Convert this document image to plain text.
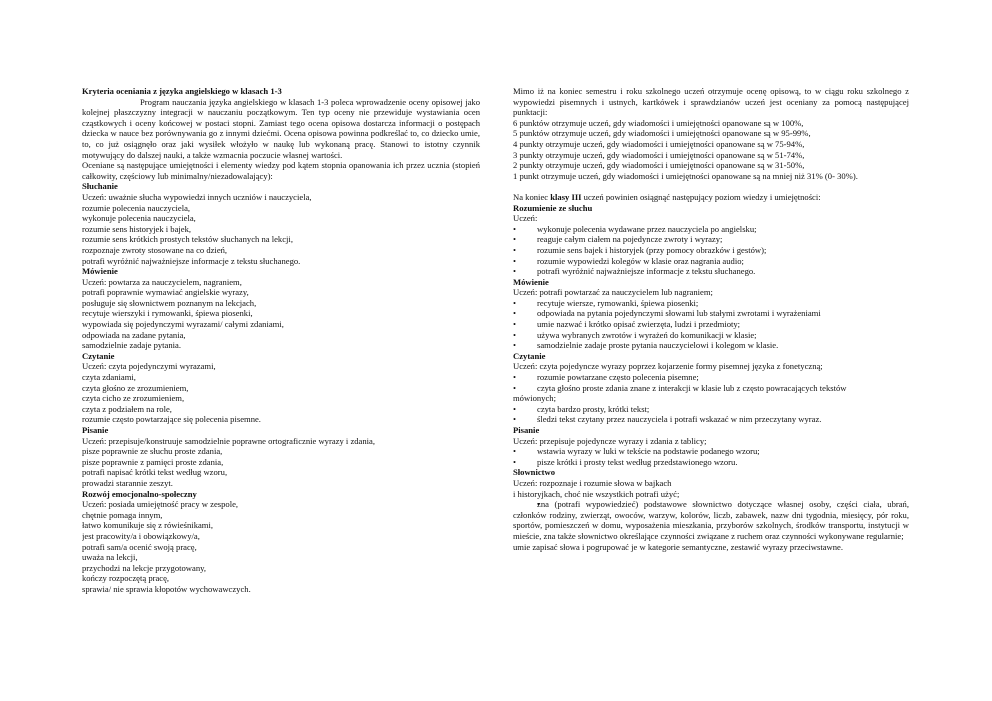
Kryteria oceniania z języka angielskiego w klasach 1-3
Program nauczania języka angielskiego w klasach 1-3 poleca wprowadzenie oceny opisowej jako kolejnej płaszczyzny integracji w nauczaniu początkowym. Ten typ oceny nie przewiduje wystawiania ocen cząstkowych i oceny końcowej w postaci stopni. Zamiast tego ocena opisowa dostarcza informacji o postępach dziecka w nauce bez porównywania go z innymi dziećmi. Ocena opisowa powinna podkreślać to, co dziecko umie, to, co już osiągnęło oraz jaki wysiłek włożyło w naukę lub wykonaną pracę. Stanowi to istotny czynnik motywujący do dalszej nauki, a także wzmacnia poczucie własnej wartości.
Oceniane są następujące umiejętności i elementy wiedzy pod kątem stopnia opanowania ich przez ucznia (stopień całkowity, częściowy lub minimalny/niezadowalający):
Słuchanie
Uczeń: uważnie słucha wypowiedzi innych uczniów i nauczyciela,
rozumie polecenia nauczyciela,
wykonuje polecenia nauczyciela,
rozumie sens historyjek i bajek,
rozumie sens krótkich prostych tekstów słuchanych na lekcji,
rozpoznaje zwroty stosowane na co dzień,
potrafi wyróżnić najważniejsze informacje z tekstu słuchanego.
Mówienie
Uczeń: powtarza za nauczycielem, nagraniem,
potrafi poprawnie wymawiać angielskie wyrazy,
posługuje się słownictwem poznanym na lekcjach,
recytuje wierszyki i rymowanki, śpiewa piosenki,
wypowiada się pojedynczymi wyrazami/ całymi zdaniami,
odpowiada na zadane pytania,
samodzielnie zadaje pytania.
Czytanie
Uczeń: czyta pojedynczymi wyrazami,
czyta zdaniami,
czyta głośno ze zrozumieniem,
czyta cicho ze zrozumieniem,
czyta z podziałem na role,
rozumie często powtarzające się polecenia pisemne.
Pisanie
Uczeń: przepisuje/konstruuje samodzielnie poprawne ortograficznie wyrazy i zdania,
pisze poprawnie ze słuchu proste zdania,
pisze poprawnie z pamięci proste zdania,
potrafi napisać krótki tekst według wzoru,
prowadzi starannie zeszyt.
Rozwój emocjonalno-społeczny
Uczeń: posiada umiejętność pracy w zespole,
chętnie pomaga innym,
łatwo komunikuje się z rówieśnikami,
jest pracowity/a i obowiązkowy/a,
potrafi sam/a ocenić swoją pracę,
uważa na lekcji,
przychodzi na lekcje przygotowany,
kończy rozpoczętą pracę,
sprawia/ nie sprawia kłopotów wychowawczych.
Mimo iż na koniec semestru i roku szkolnego uczeń otrzymuje ocenę opisową, to w ciągu roku szkolnego z wypowiedzi pisemnych i ustnych, kartkówek i sprawdzianów uczeń jest oceniany za pomocą następującej punktacji:
6 punktów otrzymuje uczeń, gdy wiadomości i umiejętności opanowane są w 100%,
5 punktów otrzymuje uczeń, gdy wiadomości i umiejętności opanowane są w 95-99%,
4 punkty otrzymuje uczeń, gdy wiadomości i umiejętności opanowane są w 75-94%,
3 punkty otrzymuje uczeń, gdy wiadomości i umiejętności opanowane są w 51-74%,
2 punkty otrzymuje uczeń, gdy wiadomości i umiejętności opanowane są w 31-50%,
1 punkt otrzymuje uczeń, gdy wiadomości i umiejętności opanowane są na mniej niż 31% (0- 30%).
Na koniec klasy III uczeń powinien osiągnąć następujący poziom wiedzy i umiejętności:
Rozumienie ze słuchu
Uczeń:
• wykonuje polecenia wydawane przez nauczyciela po angielsku;
• reaguje całym ciałem na pojedyncze zwroty i wyrazy;
• rozumie sens bajek i historyjek (przy pomocy obrazków i gestów);
• rozumie wypowiedzi kolegów w klasie oraz nagrania audio;
• potrafi wyróżnić najważniejsze informacje z tekstu słuchanego.
Mówienie
Uczeń: potrafi powtarzać za nauczycielem lub nagraniem;
• recytuje wiersze, rymowanki, śpiewa piosenki;
• odpowiada na pytania pojedynczymi słowami lub stałymi zwrotami i wyrażeniami
• umie nazwać i krótko opisać zwierzęta, ludzi i przedmioty;
• używa wybranych zwrotów i wyrażeń do komunikacji w klasie;
• samodzielnie zadaje proste pytania nauczycielowi i kolegom w klasie.
Czytanie
Uczeń: czyta pojedyncze wyrazy poprzez kojarzenie formy pisemnej języka z fonetyczną;
• rozumie powtarzane często polecenia pisemne;
• czyta głośno proste zdania znane z interakcji w klasie lub z często powracających tekstów
mówionych;
• czyta bardzo prosty, krótki tekst;
• śledzi tekst czytany przez nauczyciela i potrafi wskazać w nim przeczytany wyraz.
Pisanie
Uczeń: przepisuje pojedyncze wyrazy i zdania z tablicy;
• wstawia wyrazy w luki w tekście na podstawie podanego wzoru;
• pisze krótki i prosty tekst według przedstawionego wzoru.
Słownictwo
Uczeń: rozpoznaje i rozumie słowa w bajkach
i historyjkach, choć nie wszystkich potrafi użyć;
• zna (potrafi wypowiedzieć) podstawowe słownictwo dotyczące własnej osoby, części ciała, ubrań, członków rodziny, zwierząt, owoców, warzyw, kolorów, liczb, zabawek, nazw dni tygodnia, miesięcy, pór roku, sportów, pomieszczeń w domu, wyposażenia mieszkania, przyborów szkolnych, środków transportu, instytucji w mieście, zna także słownictwo określające czynności związane z ruchem oraz czynności wykonywane regularnie;
umie zapisać słowa i pogrupować je w kategorie semantyczne, zestawić wyrazy przeciwstawne.
